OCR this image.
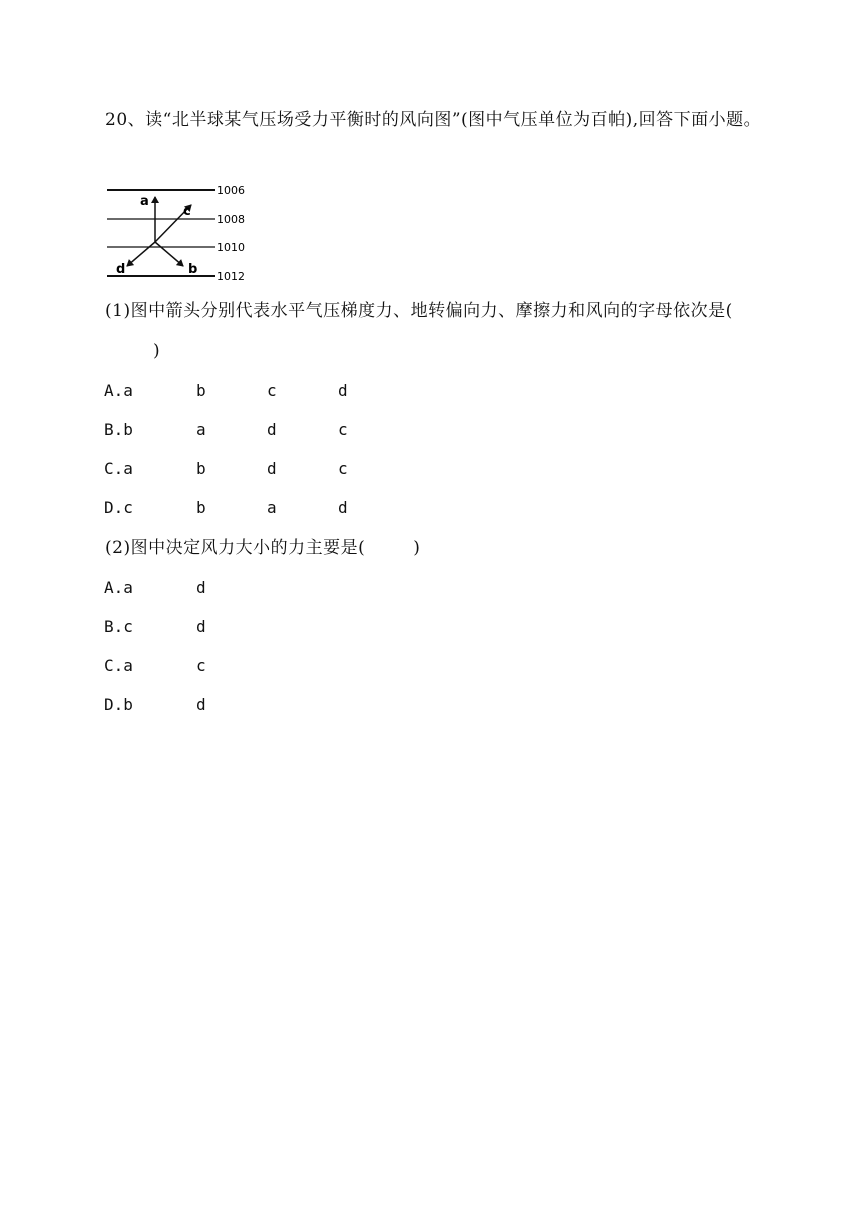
20、读“北半球某气压场受力平衡时的风向图”(图中气压单位为百帕),回答下面小题。
1006
1008
1010
1012
a
c
d	b
(1)图中箭头分别代表水平气压梯度力、地转偏向力、摩擦力和风向的字母依次是()
A.a	b	c	d
B.b	a	d	c
C.a	b	d	c
D.c	b	a	d
(2)图中决定风力大小的力主要是(	)
A.a	d
B.c	d
C.a	c
D.b	d
